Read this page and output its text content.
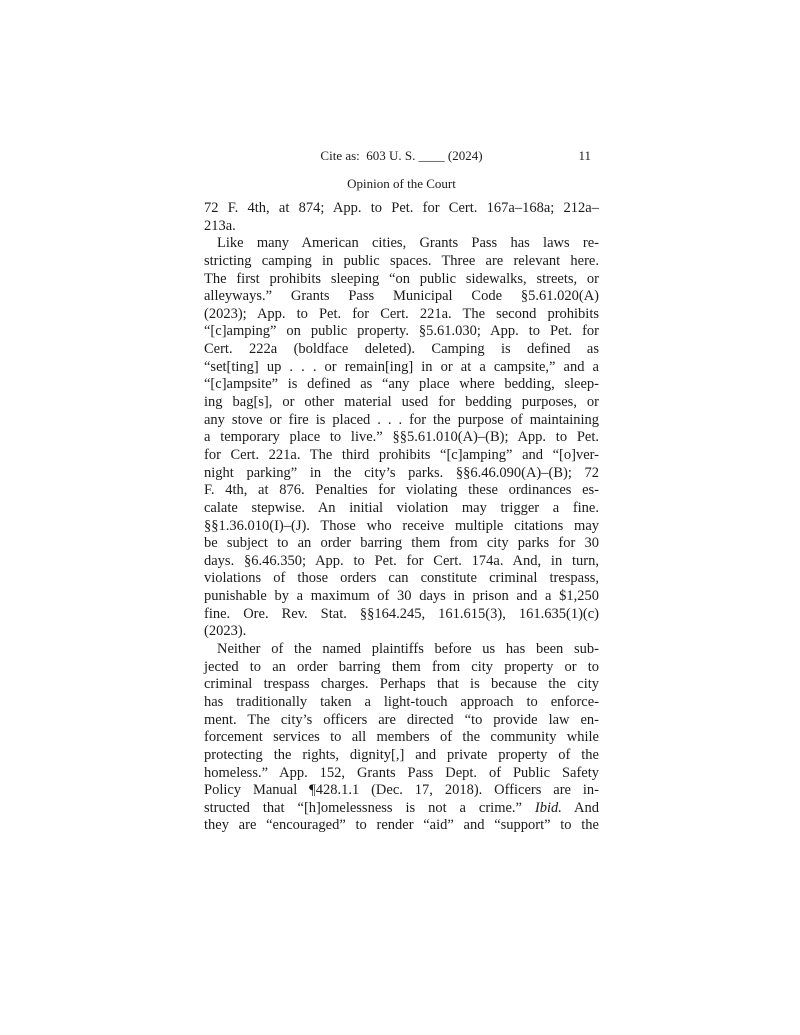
Cite as:  603 U. S. ____ (2024)	11
Opinion of the Court
72 F. 4th, at 874; App. to Pet. for Cert. 167a–168a; 212a–
213a.
Like many American cities, Grants Pass has laws re-
stricting camping in public spaces. Three are relevant here.
The first prohibits sleeping “on public sidewalks, streets, or
alleyways.” Grants Pass Municipal Code §5.61.020(A)
(2023); App. to Pet. for Cert. 221a. The second prohibits
“[c]amping” on public property. §5.61.030; App. to Pet. for
Cert. 222a (boldface deleted). Camping is defined as
“set[ting] up . . . or remain[ing] in or at a campsite,” and a
“[c]ampsite” is defined as “any place where bedding, sleep-
ing bag[s], or other material used for bedding purposes, or
any stove or fire is placed . . . for the purpose of maintaining
a temporary place to live.” §§5.61.010(A)–(B); App. to Pet.
for Cert. 221a. The third prohibits “[c]amping” and “[o]ver-
night parking” in the city’s parks. §§6.46.090(A)–(B); 72
F. 4th, at 876. Penalties for violating these ordinances es-
calate stepwise. An initial violation may trigger a fine.
§§1.36.010(I)–(J). Those who receive multiple citations may
be subject to an order barring them from city parks for 30
days. §6.46.350; App. to Pet. for Cert. 174a. And, in turn,
violations of those orders can constitute criminal trespass,
punishable by a maximum of 30 days in prison and a $1,250
fine. Ore. Rev. Stat. §§164.245, 161.615(3), 161.635(1)(c)
(2023).
Neither of the named plaintiffs before us has been sub-
jected to an order barring them from city property or to
criminal trespass charges. Perhaps that is because the city
has traditionally taken a light-touch approach to enforce-
ment. The city’s officers are directed “to provide law en-
forcement services to all members of the community while
protecting the rights, dignity[,] and private property of the
homeless.” App. 152, Grants Pass Dept. of Public Safety
Policy Manual ¶428.1.1 (Dec. 17, 2018). Officers are in-
structed that “[h]omelessness is not a crime.” Ibid. And
they are “encouraged” to render “aid” and “support” to the
